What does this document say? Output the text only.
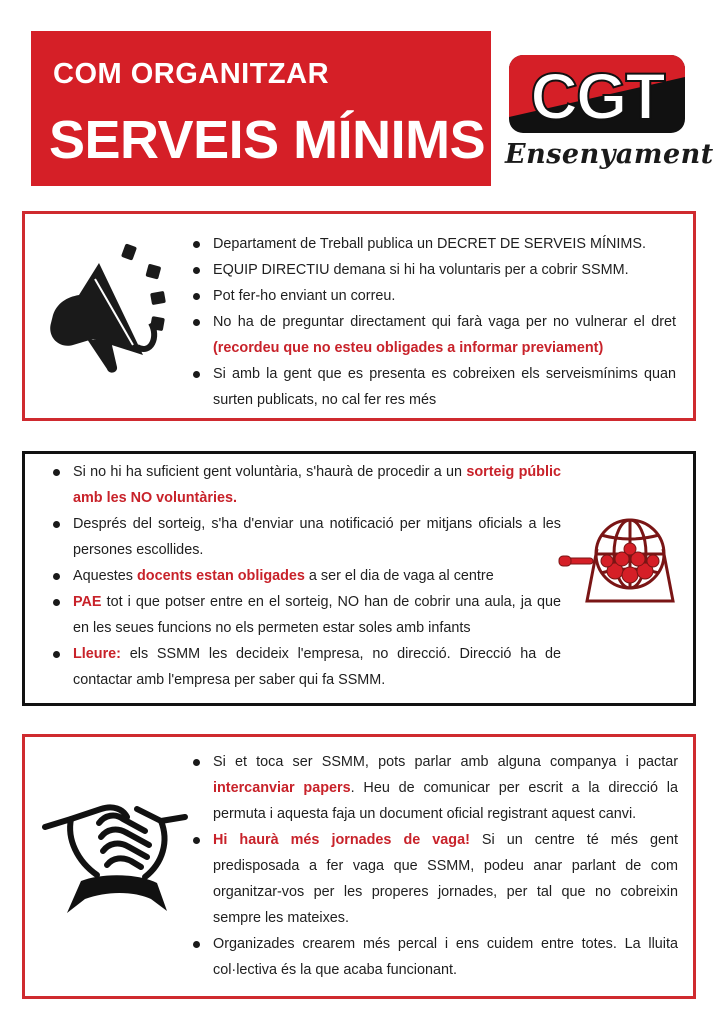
COM ORGANITZAR
SERVEIS MÍNIMS
CGT
Ensenyament
Departament de Treball publica un DECRET DE SERVEIS MÍNIMS.
EQUIP DIRECTIU demana si hi ha voluntaris per a cobrir SSMM.
Pot fer-ho enviant un correu.
No ha de preguntar directament qui farà vaga per no vulnerar el dret (recordeu que no esteu obligades a informar previament)
Si amb la gent que es presenta es cobreixen els serveismínims quan surten publicats, no cal fer res més
Si no hi ha suficient gent voluntària, s'haurà de procedir a un sorteig públic amb les NO voluntàries.
Després del sorteig, s'ha d'enviar una notificació per mitjans oficials a les persones escollides.
Aquestes docents estan obligades a ser el dia de vaga al centre
PAE tot i que potser entre en el sorteig, NO han de cobrir una aula, ja que en les seues funcions no els permeten estar soles amb infants
Lleure: els SSMM les decideix l'empresa, no direcció. Direcció ha de contactar amb l'empresa per saber qui fa SSMM.
Si et toca ser SSMM, pots parlar amb alguna companya i pactar intercanviar papers. Heu de comunicar per escrit a la direcció la permuta i aquesta faja un document oficial registrant aquest canvi.
Hi haurà més jornades de vaga! Si un centre té més gent predisposada a fer vaga que SSMM, podeu anar parlant de com organitzar-vos per les properes jornades, per tal que no cobreixin sempre les mateixes.
Organizades crearem més percal i ens cuidem entre totes. La lluita col·lectiva és la que acaba funcionant.
